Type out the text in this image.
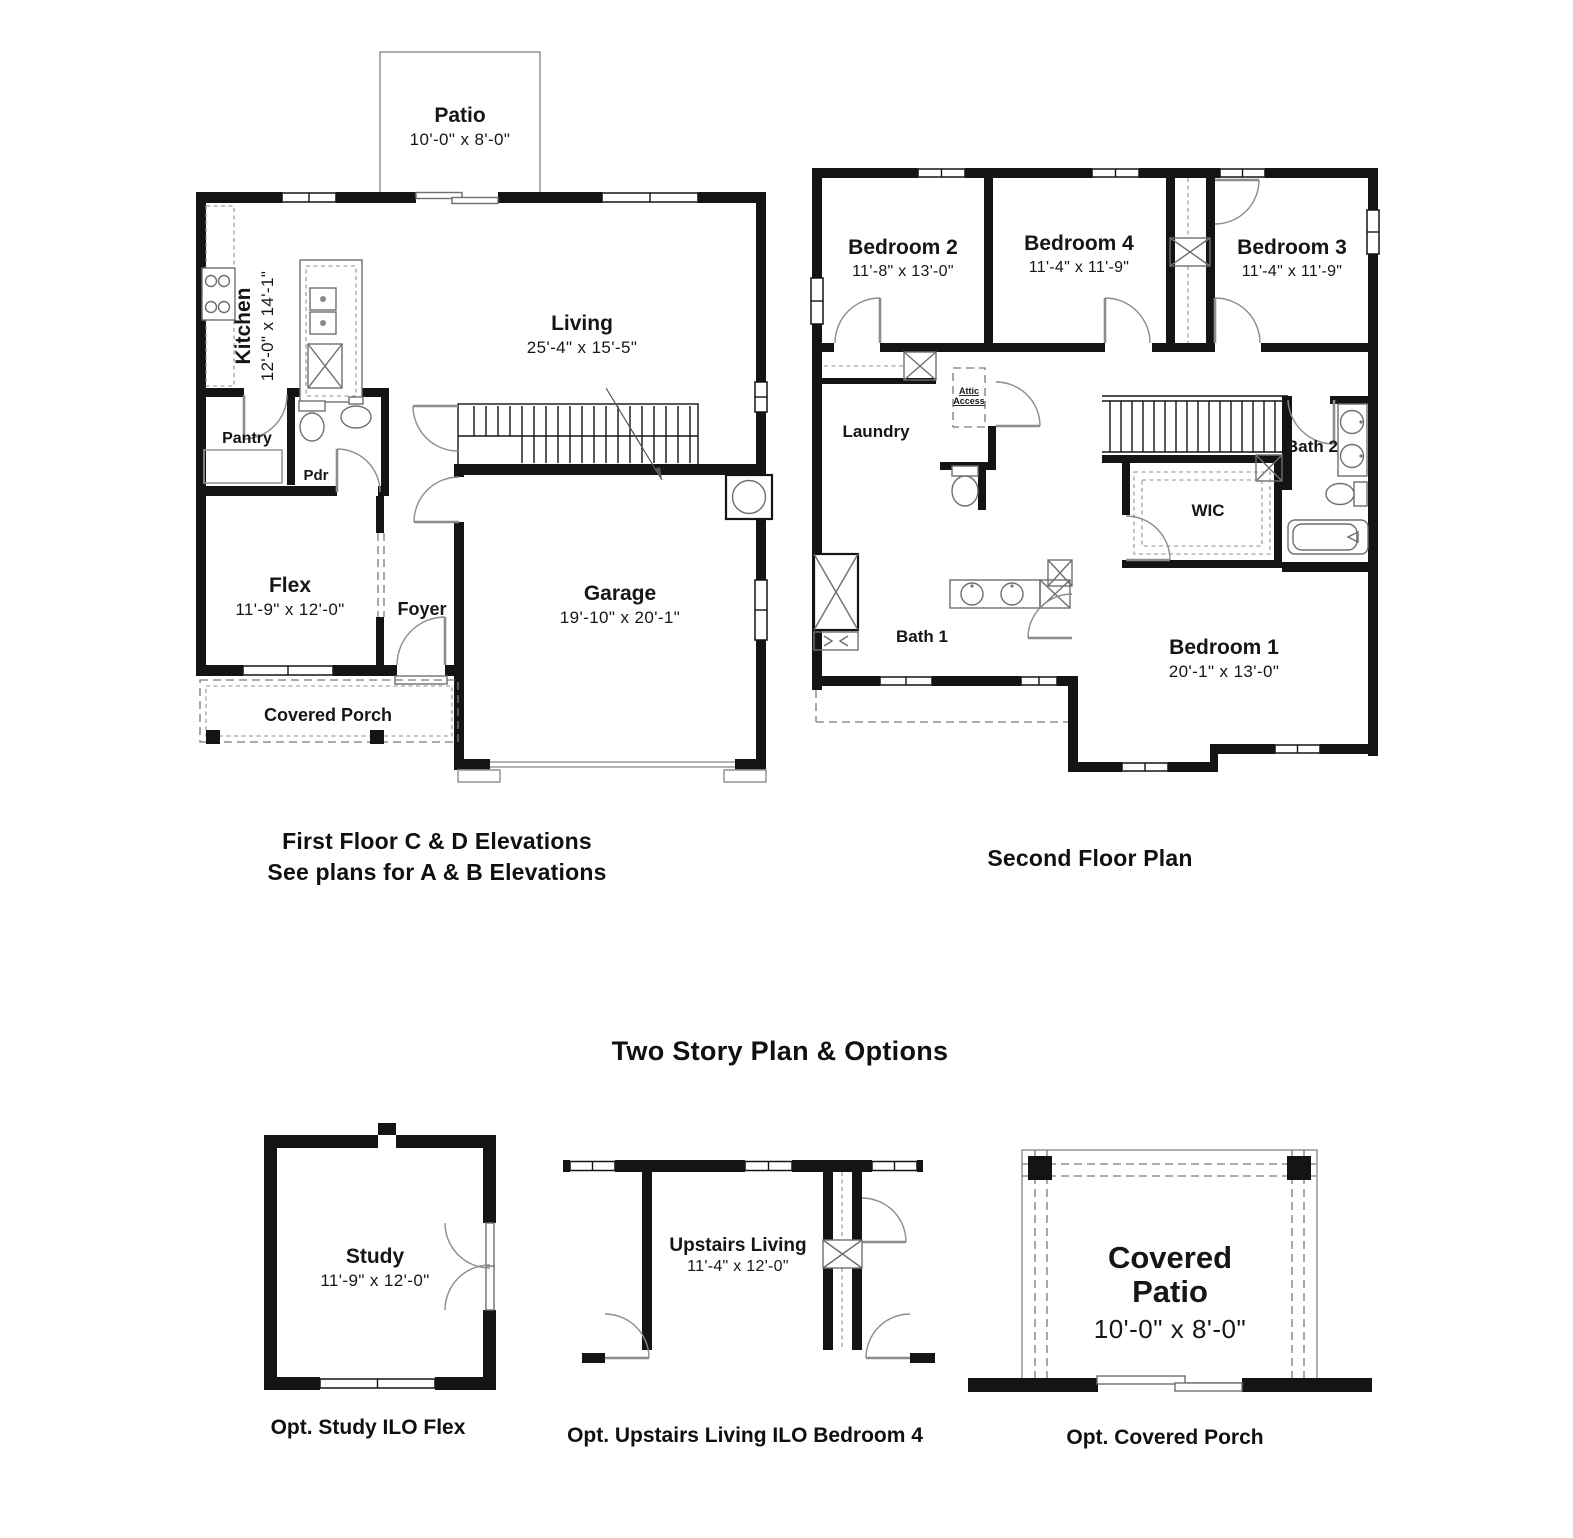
Patio
10'-0" x 8'-0"
Kitchen 12'-0" x 14'-1"	Living
25'-4" x 15'-5"
Pantry
Pdr
Flex
11'-9" x 12'-0"	Foyer
Garage
19'-10" x 20'-1"
Covered Porch
Laundry
Attic
Access
Bath 1
WIC
Bath 2
Bedroom 1
20'-1" x 13'-0"
Bedroom 2
11'-8" x 13'-0"
Bedroom 4
11'-4" x 11'-9"
Bedroom 3
11'-4" x 11'-9"
First Floor C & D Elevations
See plans for A & B Elevations
Second Floor Plan
Two Story Plan & Options
Study
11'-9" x 12'-0"
Opt. Study ILO Flex
Upstairs Living
11'-4" x 12'-0"
Opt. Upstairs Living ILO Bedroom 4
Covered
Patio
10'-0" x 8'-0"
Opt. Covered Porch
